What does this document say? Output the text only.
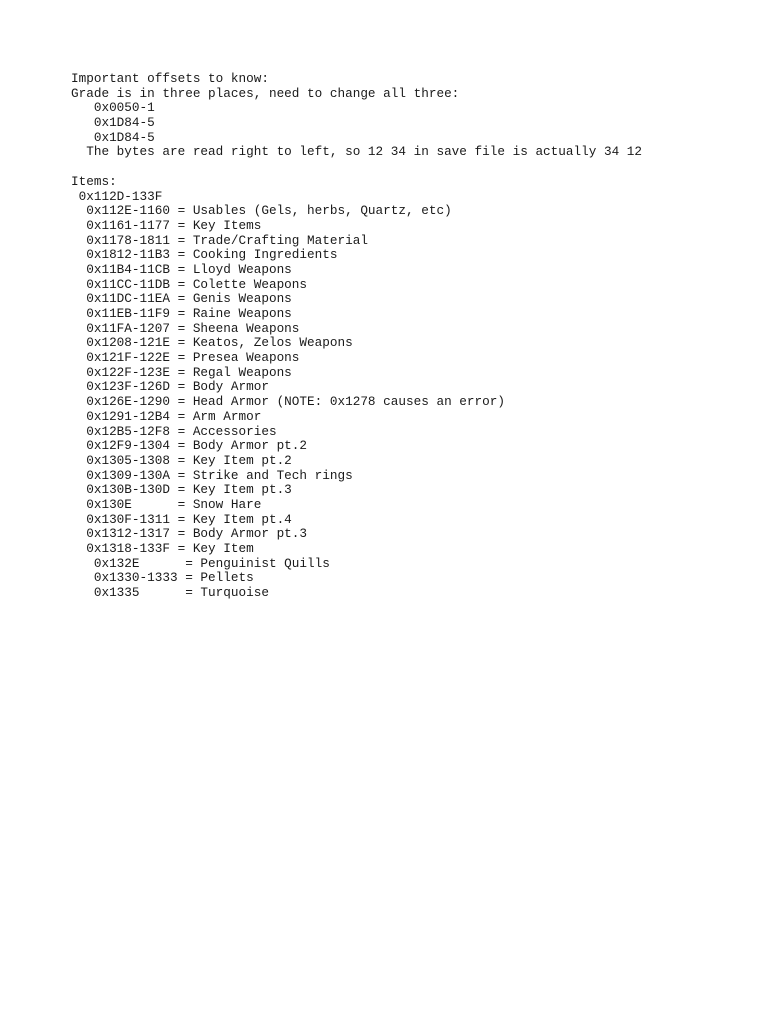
Important offsets to know:
Grade is in three places, need to change all three:
0x0050-1
0x1D84-5
0x1D84-5
The bytes are read right to left, so 12 34 in save file is actually 34 12
Items:
0x112D-133F
0x112E-1160 = Usables (Gels, herbs, Quartz, etc)
0x1161-1177 = Key Items
0x1178-1811 = Trade/Crafting Material
0x1812-11B3 = Cooking Ingredients
0x11B4-11CB = Lloyd Weapons
0x11CC-11DB = Colette Weapons
0x11DC-11EA = Genis Weapons
0x11EB-11F9 = Raine Weapons
0x11FA-1207 = Sheena Weapons
0x1208-121E = Keatos, Zelos Weapons
0x121F-122E = Presea Weapons
0x122F-123E = Regal Weapons
0x123F-126D = Body Armor
0x126E-1290 = Head Armor (NOTE: 0x1278 causes an error)
0x1291-12B4 = Arm Armor
0x12B5-12F8 = Accessories
0x12F9-1304 = Body Armor pt.2
0x1305-1308 = Key Item pt.2
0x1309-130A = Strike and Tech rings
0x130B-130D = Key Item pt.3
0x130E      = Snow Hare
0x130F-1311 = Key Item pt.4
0x1312-1317 = Body Armor pt.3
0x1318-133F = Key Item
0x132E      = Penguinist Quills
0x1330-1333 = Pellets
0x1335      = Turquoise
